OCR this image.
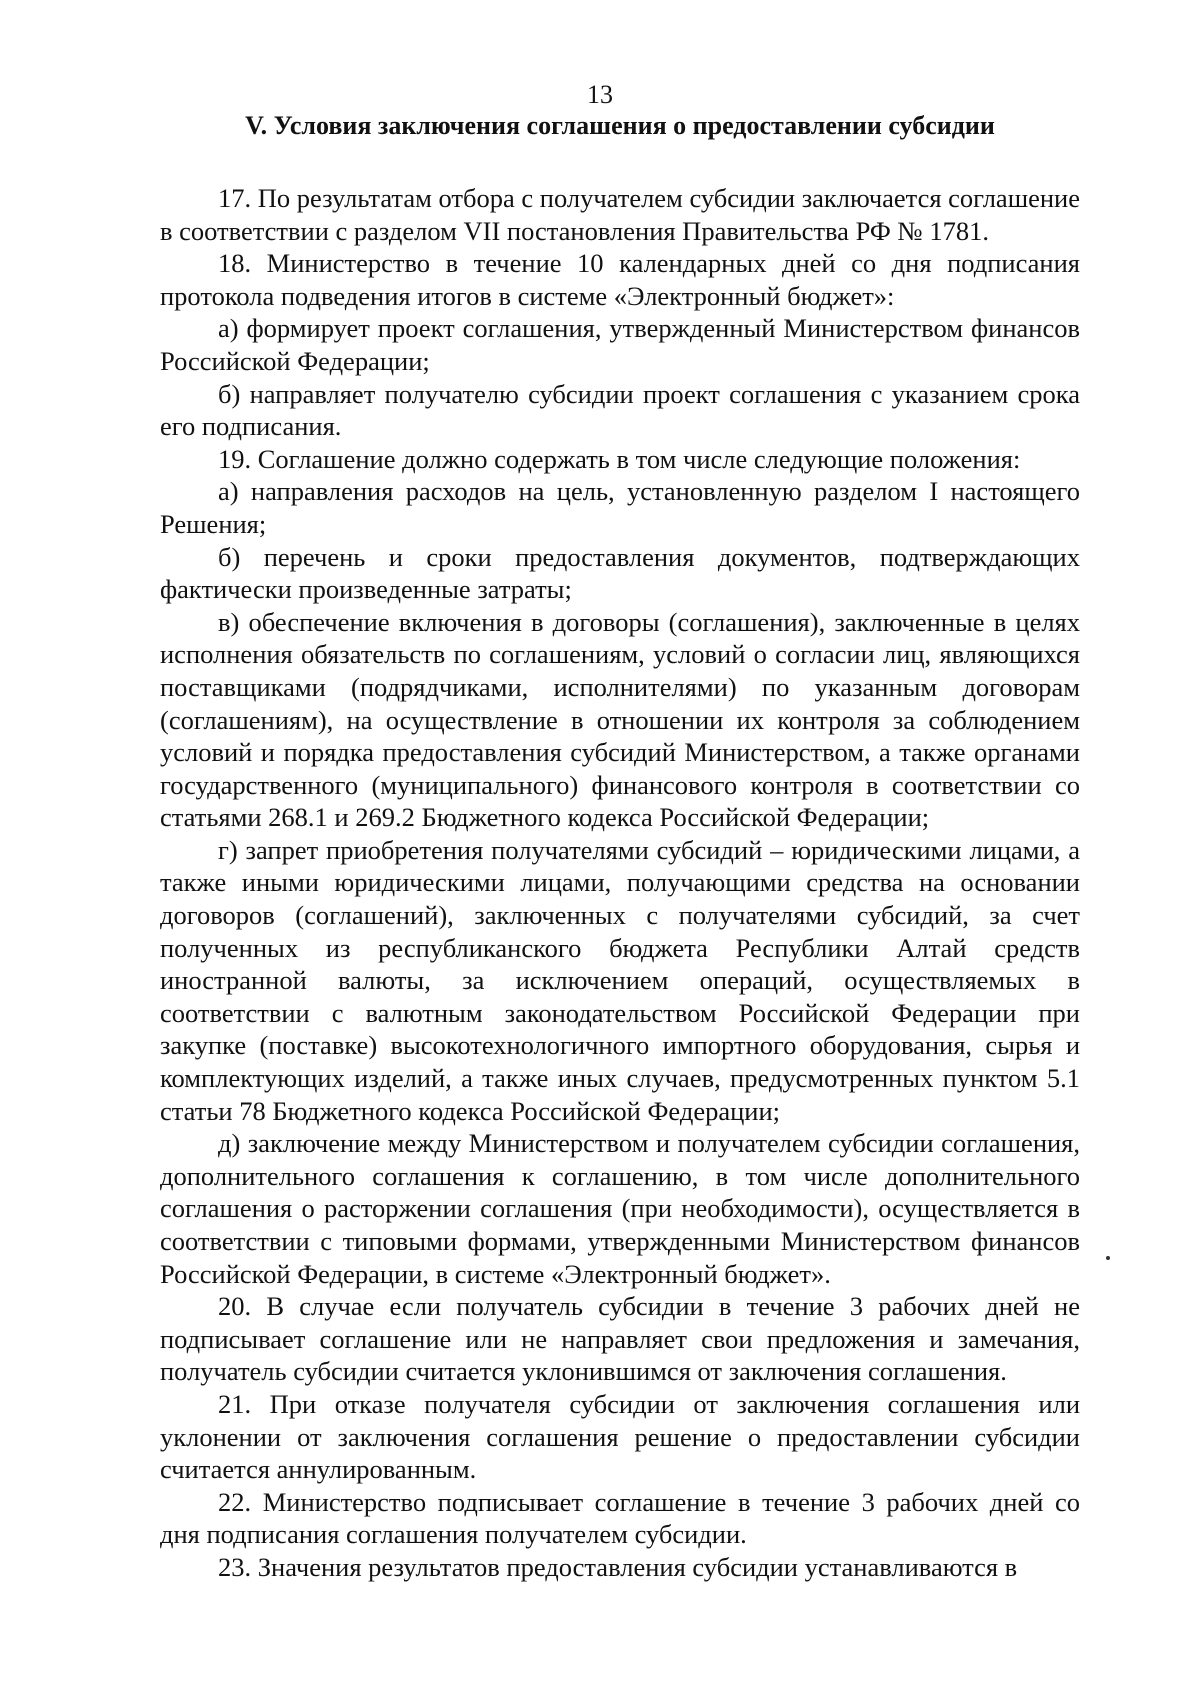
13
V. Условия заключения соглашения о предоставлении субсидии

17. По результатам отбора с получателем субсидии заключается соглашение в соответствии с разделом VII постановления Правительства РФ № 1781.

18. Министерство в течение 10 календарных дней со дня подписания протокола подведения итогов в системе «Электронный бюджет»:

а) формирует проект соглашения, утвержденный Министерством финансов Российской Федерации;

б) направляет получателю субсидии проект соглашения с указанием срока его подписания.

19. Соглашение должно содержать в том числе следующие положения:

а) направления расходов на цель, установленную разделом I настоящего Решения;

б) перечень и сроки предоставления документов, подтверждающих фактически произведенные затраты;

в) обеспечение включения в договоры (соглашения), заключенные в целях исполнения обязательств по соглашениям, условий о согласии лиц, являющихся поставщиками (подрядчиками, исполнителями) по указанным договорам (соглашениям), на осуществление в отношении их контроля за соблюдением условий и порядка предоставления субсидий Министерством, а также органами государственного (муниципального) финансового контроля в соответствии со статьями 268.1 и 269.2 Бюджетного кодекса Российской Федерации;

г) запрет приобретения получателями субсидий – юридическими лицами, а также иными юридическими лицами, получающими средства на основании договоров (соглашений), заключенных с получателями субсидий, за счет полученных из республиканского бюджета Республики Алтай средств иностранной валюты, за исключением операций, осуществляемых в соответствии с валютным законодательством Российской Федерации при закупке (поставке) высокотехнологичного импортного оборудования, сырья и комплектующих изделий, а также иных случаев, предусмотренных пунктом 5.1 статьи 78 Бюджетного кодекса Российской Федерации;

д) заключение между Министерством и получателем субсидии соглашения, дополнительного соглашения к соглашению, в том числе дополнительного соглашения о расторжении соглашения (при необходимости), осуществляется в соответствии с типовыми формами, утвержденными Министерством финансов Российской Федерации, в системе «Электронный бюджет».

20. В случае если получатель субсидии в течение 3 рабочих дней не подписывает соглашение или не направляет свои предложения и замечания, получатель субсидии считается уклонившимся от заключения соглашения.

21. При отказе получателя субсидии от заключения соглашения или уклонении от заключения соглашения решение о предоставлении субсидии считается аннулированным.

22. Министерство подписывает соглашение в течение 3 рабочих дней со дня подписания соглашения получателем субсидии.

23. Значения результатов предоставления субсидии устанавливаются в
